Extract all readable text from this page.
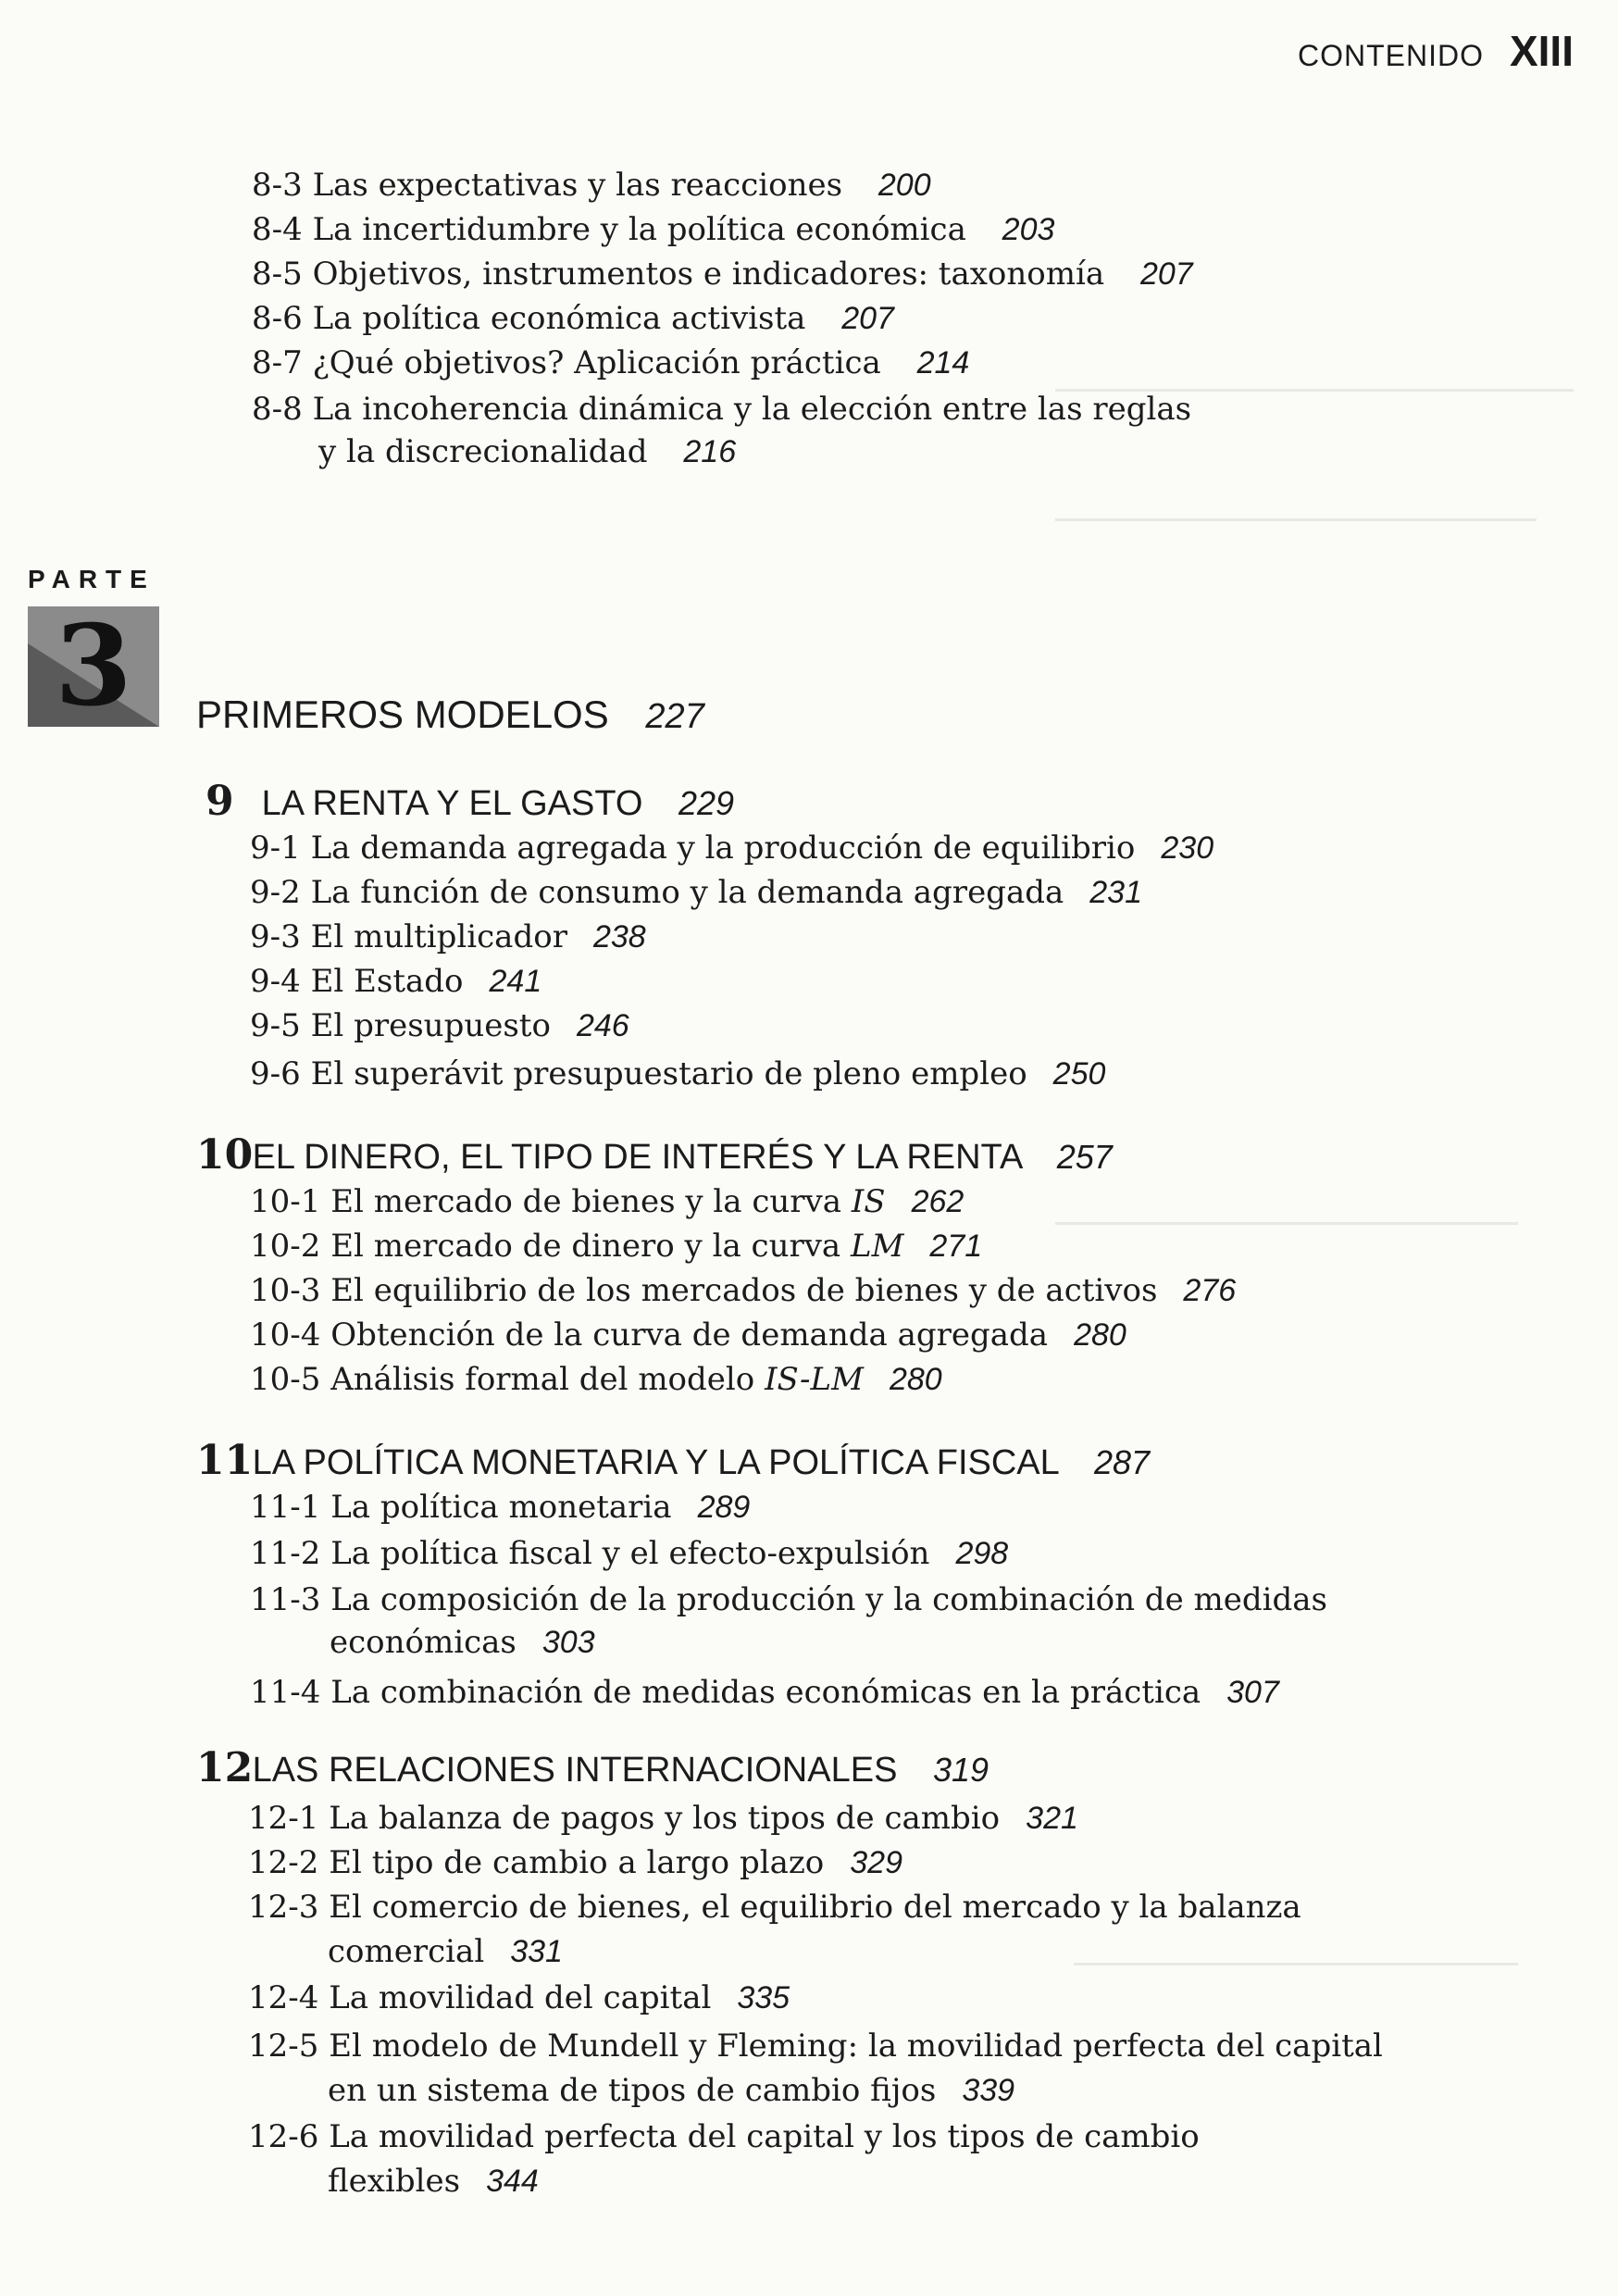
CONTENIDO XIII
8-3 Las expectativas y las reacciones 200
8-4 La incertidumbre y la política económica 203
8-5 Objetivos, instrumentos e indicadores: taxonomía 207
8-6 La política económica activista 207
8-7 ¿Qué objetivos? Aplicación práctica 214
8-8 La incoherencia dinámica y la elección entre las reglas
y la discrecionalidad 216
PARTE
3	PRIMEROS MODELOS 227
9 LA RENTA Y EL GASTO 229
9-1 La demanda agregada y la producción de equilibrio 230
9-2 La función de consumo y la demanda agregada 231
9-3 El multiplicador 238
9-4 El Estado 241
9-5 El presupuesto 246
9-6 El superávit presupuestario de pleno empleo 250
10 EL DINERO, EL TIPO DE INTERÉS Y LA RENTA 257
10-1 El mercado de bienes y la curva IS 262
10-2 El mercado de dinero y la curva LM 271
10-3 El equilibrio de los mercados de bienes y de activos 276
10-4 Obtención de la curva de demanda agregada 280
10-5 Análisis formal del modelo IS-LM 280
11 LA POLÍTICA MONETARIA Y LA POLÍTICA FISCAL 287
11-1 La política monetaria 289
11-2 La política fiscal y el efecto-expulsión 298
11-3 La composición de la producción y la combinación de medidas
económicas 303
11-4 La combinación de medidas económicas en la práctica 307
12 LAS RELACIONES INTERNACIONALES 319
12-1 La balanza de pagos y los tipos de cambio 321
12-2 El tipo de cambio a largo plazo 329
12-3 El comercio de bienes, el equilibrio del mercado y la balanza
comercial 331
12-4 La movilidad del capital 335
12-5 El modelo de Mundell y Fleming: la movilidad perfecta del capital
en un sistema de tipos de cambio fijos 339
12-6 La movilidad perfecta del capital y los tipos de cambio
flexibles 344
